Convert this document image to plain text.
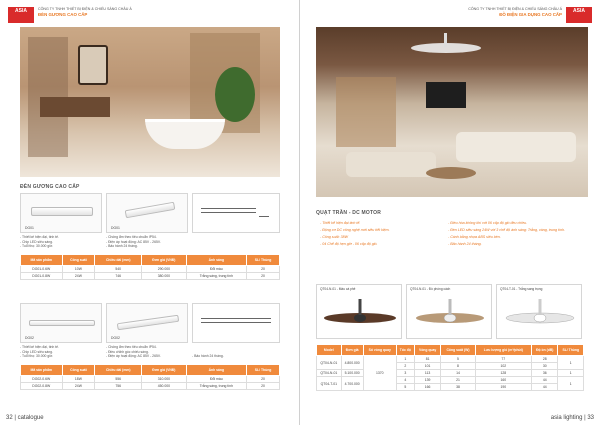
ASIA	CÔNG TY TNHH THIẾT BỊ ĐIỆN & CHIẾU SÁNG CHÂU Á
ĐÈN GƯƠNG CAO CẤP
ĐÈN GƯƠNG CAO CẤP
DG01	DG01
- Thiết kế hiện đại, tinh tế.
- Chip LED siêu sáng.
- Tuổi thọ: 30.000 giờ.
- Chống ẩm theo tiêu chuẩn IP54.
- Điện áp hoạt động: AC 85V - 265V.
- Bảo hành 24 tháng.
Mã sản phẩm	Công suất	Chiều dài (mm)	Đơn giá (VNĐ)	Ánh sáng	SL/ Thùng
DG01-0.6W	10W	540	290.000	Đổi màu	20
DG01-0.8W	24W	746	380.000	Trắng sáng, trung tính	20
DG02	DG02
- Thiết kế hiện đại, tinh tế.
- Chip LED siêu sáng.
- Tuổi thọ: 30.000 giờ.
- Chống ẩm theo tiêu chuẩn IP54.
- Điều chỉnh góc chiếu sáng.
- Điện áp hoạt động: AC 85V - 265V.	- Bảo hành 24 tháng.
Mã sản phẩm	Công suất	Chiều dài (mm)	Đơn giá (VNĐ)	Ánh sáng	SL/ Thùng
DG02-0.6W	18W	556	310.000	Đổi màu	20
DG02-0.8W	24W	756	450.000	Trắng sáng, trung tính	20
32 | catalogue
ASIA
CÔNG TY TNHH THIẾT BỊ ĐIỆN & CHIẾU SÁNG CHÂU Á
ĐỒ ĐIỆN GIA DỤNG CAO CẤP
QUẠT TRẦN - DC MOTOR
- Thiết kế hiện đại tinh tế.
- Động cơ DC công nghệ mới siêu tiết kiệm.
- Công suất: 38W
- 04 Chế độ hẹn giờ - 06 cấp độ gió.
- Điều hòa không khí với 06 cấp độ gió đều chiều.
- Đèn LED siêu sáng 24W với 3 chế độ ánh sáng: Trắng, vàng, trung tính.
- Cánh bằng nhựa ABS siêu bền.
- Bảo hành 24 tháng.
QT04-N-01 - Màu cà phê	QT04-N-01 - Đồ phòng cách	QT04-T-01 - Trắng sang trọng
Model	Đơn giá	Số vòng quay	Tốc độ	Vòng quay	Công suất (W)	Lưu lượng gió (m³/phút)	Độ ồn (dB)	SL/ Thùng
QT04-N-01	4.800.000	1370	1	81	5	77	28	1
			2	101	8	102	30	
QT04-N-01	5.100.000		3	113	14	128	36	1
QT04-T-01	4.700.000		4	139	21	160	44	1
			5	166	38	190	44	
asia lighting | 33
